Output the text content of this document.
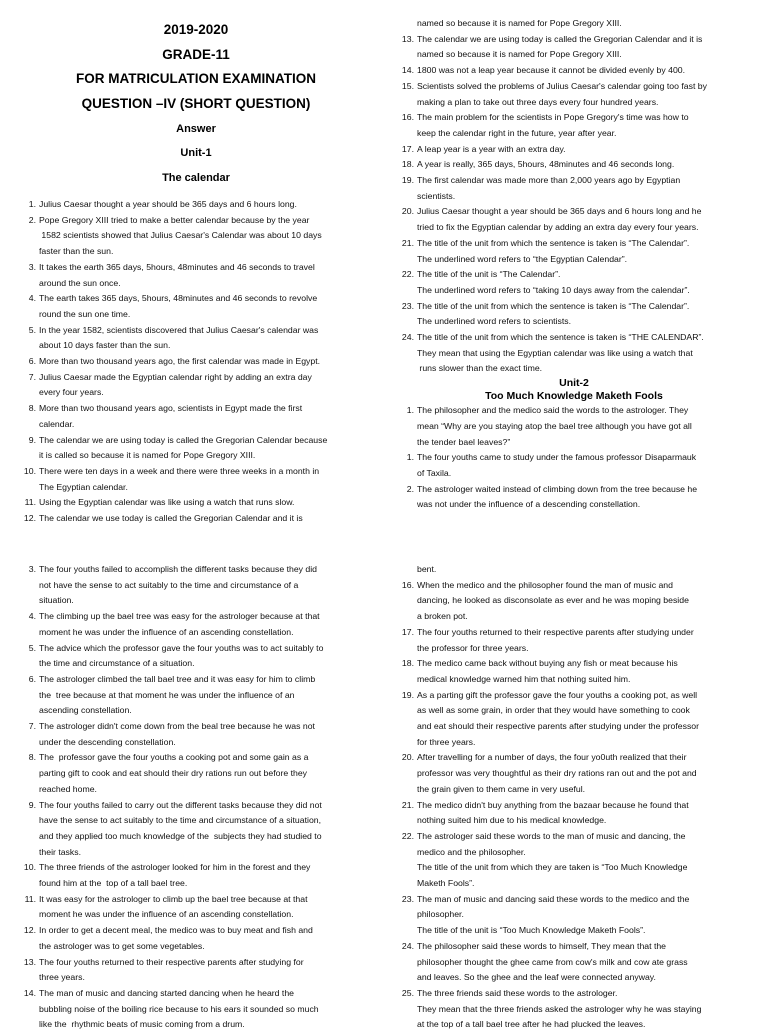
2019-2020
GRADE-11
FOR MATRICULATION EXAMINATION
QUESTION –IV (SHORT QUESTION)
Answer
Unit-1
The calendar
1. Julius Caesar thought a year should be 365 days and 6 hours long.
2. Pope Gregory XIII tried to make a better calendar because by the year
1582 scientists showed that Julius Caesar's Calendar was about 10 days
faster than the sun.
3. It takes the earth 365 days, 5hours, 48minutes and 46 seconds to travel
around the sun once.
4. The earth takes 365 days, 5hours, 48minutes and 46 seconds to revolve
round the sun one time.
5. In the year 1582, scientists discovered that Julius Caesar's calendar was
about 10 days faster than the sun.
6. More than two thousand years ago, the first calendar was made in Egypt.
7. Julius Caesar made the Egyptian calendar right by adding an extra day
every four years.
8. More than two thousand years ago, scientists in Egypt made the first
calendar.
9. The calendar we are using today is called the Gregorian Calendar because
it is called so because it is named for Pope Gregory XIII.
10. There were ten days in a week and there were three weeks in a month in
The Egyptian calendar.
11. Using the Egyptian calendar was like using a watch that runs slow.
12. The calendar we use today is called the Gregorian Calendar and it is
named so because it is named for Pope Gregory XIII.
13. The calendar we are using today is called the Gregorian Calendar and it is
named so because it is named for Pope Gregory XIII.
14. 1800 was not a leap year because it cannot be divided evenly by 400.
15. Scientists solved the problems of Julius Caesar's calendar going too fast by
making a plan to take out three days every four hundred years.
16. The main problem for the scientists in Pope Gregory's time was how to
keep the calendar right in the future, year after year.
17. A leap year is a year with an extra day.
18. A year is really, 365 days, 5hours, 48minutes and 46 seconds long.
19. The first calendar was made more than 2,000 years ago by Egyptian
scientists.
20. Julius Caesar thought a year should be 365 days and 6 hours long and he
tried to fix the Egyptian calendar by adding an extra day every four years.
21. The title of the unit from which the sentence is taken is “The Calendar”.
The underlined word refers to “the Egyptian Calendar”.
22. The title of the unit is “The Calendar”.
The underlined word refers to “taking 10 days away from the calendar”.
23. The title of the unit from which the sentence is taken is “The Calendar”.
The underlined word refers to scientists.
24. The title of the unit from which the sentence is taken is “THE CALENDAR”.
They mean that using the Egyptian calendar was like using a watch that
runs slower than the exact time.
Unit-2
Too Much Knowledge Maketh Fools
1. The philosopher and the medico said the words to the astrologer. They
mean “Why are you staying atop the bael tree although you have got all
the tender bael leaves?”
1. The four youths came to study under the famous professor Disaparmauk
of Taxila.
2. The astrologer waited instead of climbing down from the tree because he
was not under the influence of a descending constellation.
3. The four youths failed to accomplish the different tasks because they did
not have the sense to act suitably to the time and circumstance of a
situation.
4. The climbing up the bael tree was easy for the astrologer because at that
moment he was under the influence of an ascending constellation.
5. The advice which the professor gave the four youths was to act suitably to
the time and circumstance of a situation.
6. The astrologer climbed the tall bael tree and it was easy for him to climb
the  tree because at that moment he was under the influence of an
ascending constellation.
7. The astrologer didn't come down from the beal tree because he was not
under the descending constellation.
8. The  professor gave the four youths a cooking pot and some gain as a
parting gift to cook and eat should their dry rations run out before they
reached home.
9. The four youths failed to carry out the different tasks because they did not
have the sense to act suitably to the time and circumstance of a situation,
and they applied too much knowledge of the  subjects they had studied to
their tasks.
10. The three friends of the astrologer looked for him in the forest and they
found him at the  top of a tall bael tree.
11. It was easy for the astrologer to climb up the bael tree because at that
moment he was under the influence of an ascending constellation.
12. In order to get a decent meal, the medico was to buy meat and fish and
the astrologer was to get some vegetables.
13. The four youths returned to their respective parents after studying for
three years.
14. The man of music and dancing started dancing when he heard the
bubbling noise of the boiling rice because to his ears it sounded so much
like the  rhythmic beats of music coming from a drum.
bent.
16. When the medico and the philosopher found the man of music and
dancing, he looked as disconsolate as ever and he was moping beside
a broken pot.
17. The four youths returned to their respective parents after studying under
the professor for three years.
18. The medico came back without buying any fish or meat because his
medical knowledge warned him that nothing suited him.
19. As a parting gift the professor gave the four youths a cooking pot, as well
as well as some grain, in order that they would have something to cook
and eat should their respective parents after studying under the professor
for three years.
20. After travelling for a number of days, the four yo0uth realized that their
professor was very thoughtful as their dry rations ran out and the pot and
the grain given to them came in very useful.
21. The medico didn't buy anything from the bazaar because he found that
nothing suited him due to his medical knowledge.
22. The astrologer said these words to the man of music and dancing, the
medico and the philosopher.
The title of the unit from which they are taken is “Too Much Knowledge
Maketh Fools”.
23. The man of music and dancing said these words to the medico and the
philosopher.
The title of the unit is “Too Much Knowledge Maketh Fools”.
24. The philosopher said these words to himself, They mean that the
philosopher thought the ghee came from cow's milk and cow ate grass
and leaves. So the ghee and the leaf were connected anyway.
25. The three friends said these words to the astrologer.
They mean that the three friends asked the astrologer why he was staying
at the top of a tall bael tree after he had plucked the leaves.
